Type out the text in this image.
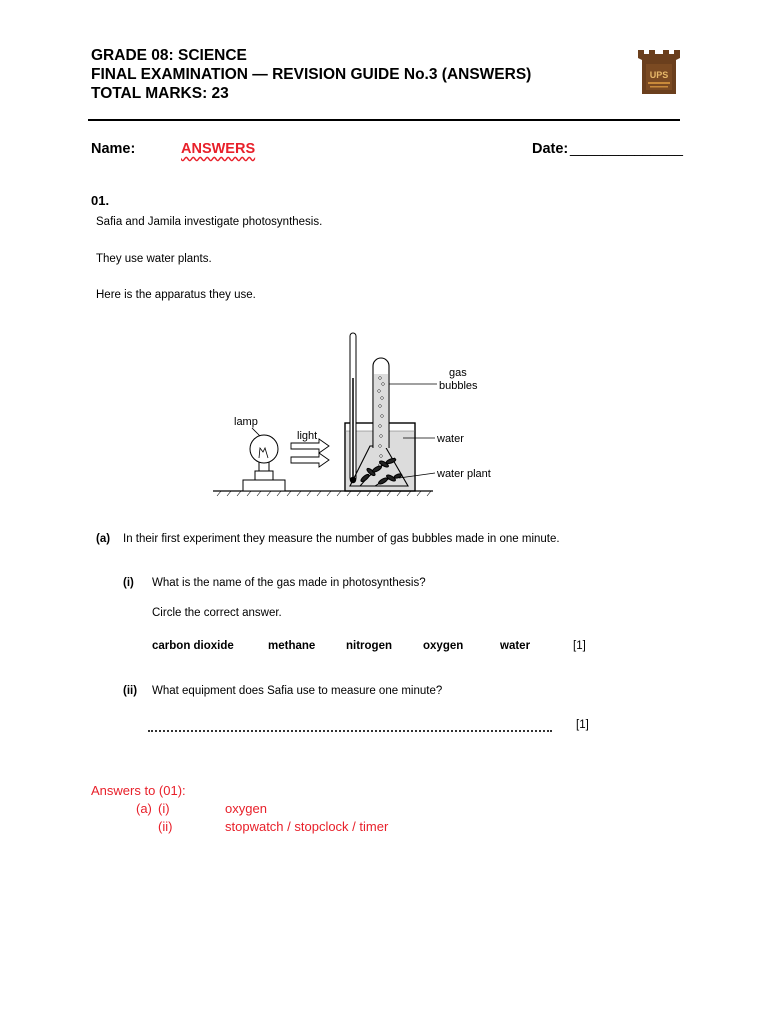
GRADE 08: SCIENCE
FINAL EXAMINATION — REVISION GUIDE No.3 (ANSWERS)
TOTAL MARKS: 23
UPS
Name:	ANSWERS	Date: ______________
01.
Safia and Jamila investigate photosynthesis.
They use water plants.
Here is the apparatus they use.
lamp
light
gas
bubbles
water
water plant
(a) In their first experiment they measure the number of gas bubbles made in one minute.
(i) What is the name of the gas made in photosynthesis?
Circle the correct answer.
carbon dioxide	methane	nitrogen	oxygen	water	[1]
(ii) What equipment does Safia use to measure one minute?
[1]
Answers to (01):
(a) (i)	oxygen
(ii)	stopwatch / stopclock / timer
